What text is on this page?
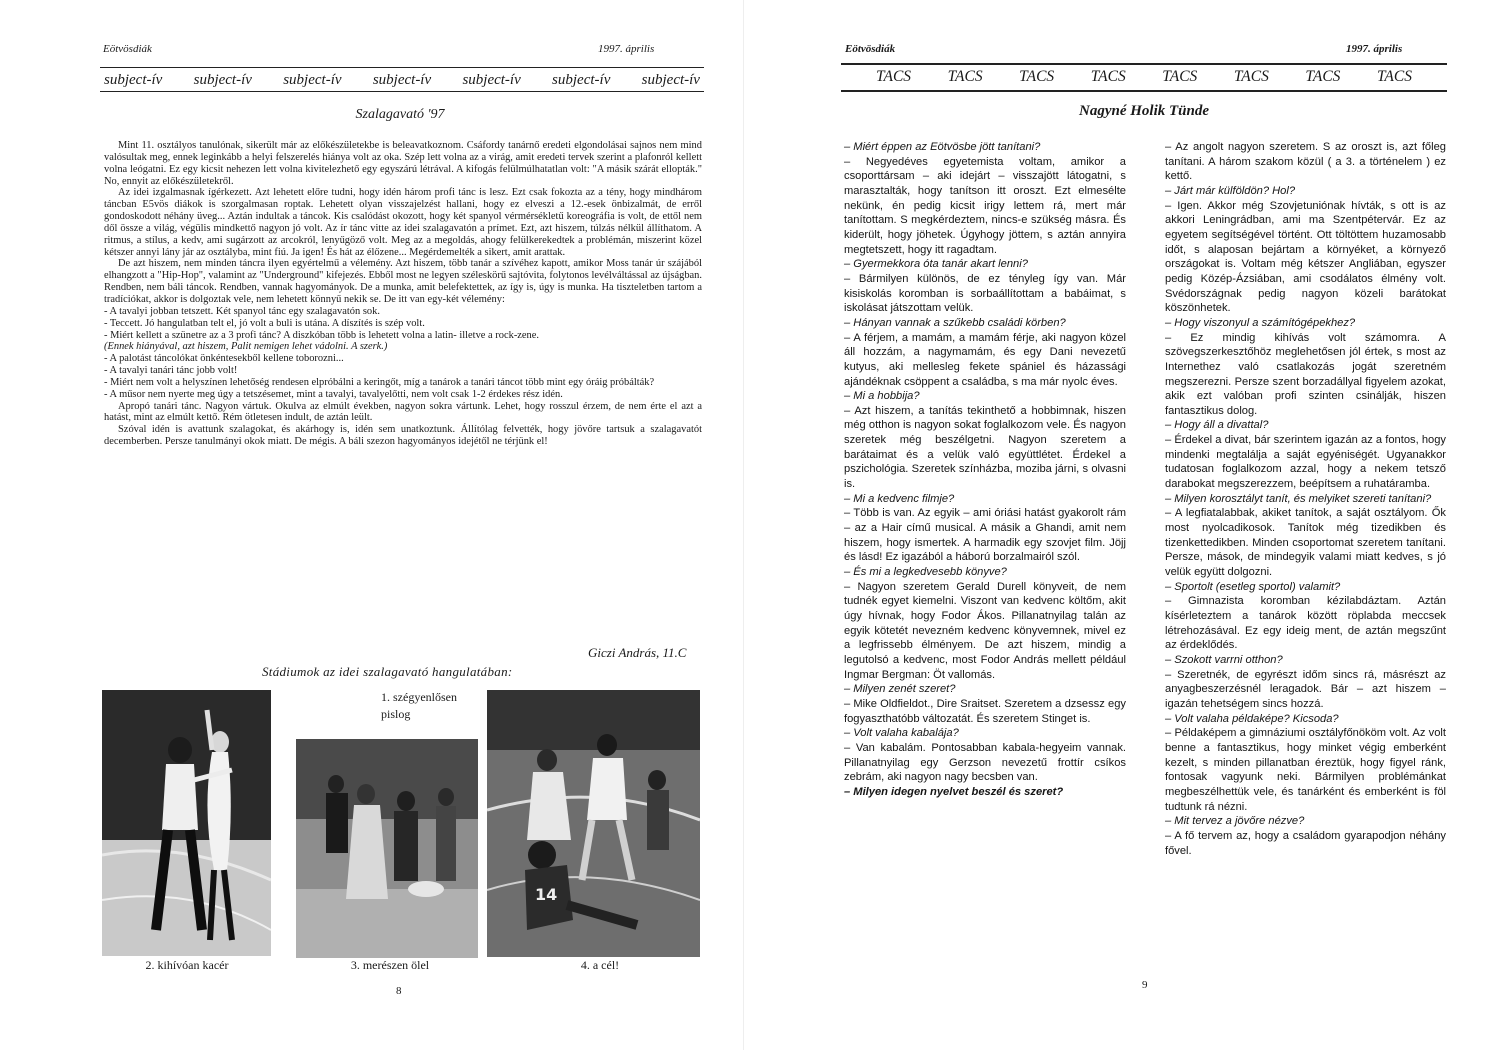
Eötvösdiák	1997. április
subject-ív subject-ív subject-ív subject-ív subject-ív subject-ív subject-ív
Szalagavató '97

Mint 11. osztályos tanulónak, sikerült már az előkészületekbe is beleavatkoznom. Csáfordy tanárnő eredeti elgondolásai sajnos nem mind valósultak meg, ennek leginkább a helyi felszerelés hiánya volt az oka. Szép lett volna az a virág, amit eredeti tervek szerint a plafonról kellett volna leógatni. Ez egy kicsit nehezen lett volna kivitelezhető egy egyszárú létrával. A kifogás felülmúlhatatlan volt: "A másik szárát ellopták." No, ennyit az előkészületekről.

Az idei izgalmasnak ígérkezett. Azt lehetett előre tudni, hogy idén három profi tánc is lesz. Ezt csak fokozta az a tény, hogy mindhárom táncban E5vös diákok is szorgalmasan roptak. Lehetett olyan visszajelzést hallani, hogy ez elveszi a 12.-esek önbizalmát, de erről gondoskodott néhány üveg... Aztán indultak a táncok. Kis csalódást okozott, hogy két spanyol vérmérsékletű koreográfia is volt, de ettől nem dől össze a világ, végülis mindkettő nagyon jó volt. Az ír tánc vitte az idei szalagavatón a prímet. Ezt, azt hiszem, túlzás nélkül állíthatom. A ritmus, a stílus, a kedv, ami sugárzott az arcokról, lenyűgöző volt. Meg az a megoldás, ahogy felülkerekedtek a problémán, miszerint közel kétszer annyi lány jár az osztályba, mint fiú. Ja igen! És hát az élőzene... Megérdemelték a sikert, amit arattak.

De azt hiszem, nem minden táncra ilyen egyértelmű a vélemény. Azt hiszem, több tanár a szívéhez kapott, amikor Moss tanár úr szájából elhangzott a "Hip-Hop", valamint az "Underground" kifejezés. Ebből most ne legyen széleskörű sajtóvita, folytonos levélváltással az újságban. Rendben, nem báli táncok. Rendben, vannak hagyományok. De a munka, amit belefektettek, az így is, úgy is munka. Ha tiszteletben tartom a tradíciókat, akkor is dolgoztak vele, nem lehetett könnyű nekik se. De itt van egy-két vélemény:

- A tavalyi jobban tetszett. Két spanyol tánc egy szalagavatón sok.

- Teccett. Jó hangulatban telt el, jó volt a buli is utána. A díszítés is szép volt.

- Miért kellett a szünetre az a 3 profi tánc? A diszkóban több is lehetett volna a latin- illetve a rock-zene.

(Ennek hiányával, azt hiszem, Palit nemigen lehet vádolni. A szerk.)

- A palotást táncolókat önkéntesekből kellene toborozni...

- A tavalyi tanári tánc jobb volt!

- Miért nem volt a helyszínen lehetőség rendesen elpróbálni a keringőt, míg a tanárok a tanári táncot több mint egy óráig próbálták?

- A műsor nem nyerte meg úgy a tetszésemet, mint a tavalyi, tavalyelőtti, nem volt csak 1-2 érdekes rész idén.

Apropó tanári tánc. Nagyon vártuk. Okulva az elmúlt években, nagyon sokra vártunk. Lehet, hogy rosszul érzem, de nem érte el azt a hatást, mint az elmúlt kettő. Rém ötletesen indult, de aztán leült.

Szóval idén is avattunk szalagokat, és akárhogy is, idén sem unatkoztunk. Állítólag felvették, hogy jövőre tartsuk a szalagavatót decemberben. Persze tanulmányi okok miatt. De mégis. A báli szezon hagyományos idejétől ne térjünk el!

Giczi András, 11.C
Stádiumok az idei szalagavató hangulatában:
2. kihívóan kacér
1. szégyenlősen pislog
3. merészen ölel
14
4. a cél!
8
Eötvösdiák	1997. április
TACS TACS TACS TACS TACS TACS TACS TACS
Nagyné Holik Tünde

– Miért éppen az Eötvösbe jött tanítani?

– Negyedéves egyetemista voltam, amikor a csoporttársam – aki idejárt – visszajött látogatni, s marasztalták, hogy tanítson itt oroszt. Ezt elmesélte nekünk, én pedig kicsit irigy lettem rá, mert már tanítottam. S megkérdeztem, nincs-e szükség másra. És kiderült, hogy jöhetek. Úgyhogy jöttem, s aztán annyira megtetszett, hogy itt ragadtam.

– Gyermekkora óta tanár akart lenni?

– Bármilyen különös, de ez tényleg így van. Már kisiskolás koromban is sorbaállítottam a babáimat, s iskolásat játszottam velük.

– Hányan vannak a szűkebb családi körben?

– A férjem, a mamám, a mamám férje, aki nagyon közel áll hozzám, a nagymamám, és egy Dani nevezetű kutyus, aki mellesleg fekete spániel és házassági ajándéknak csöppent a családba, s ma már nyolc éves.

– Mi a hobbija?

– Azt hiszem, a tanítás tekinthető a hobbimnak, hiszen még otthon is nagyon sokat foglalkozom vele. És nagyon szeretek még beszélgetni. Nagyon szeretem a barátaimat és a velük való együttlétet. Érdekel a pszichológia. Szeretek színházba, moziba járni, s olvasni is.

– Mi a kedvenc filmje?

– Több is van. Az egyik – ami óriási hatást gyakorolt rám – az a Hair című musical. A másik a Ghandi, amit nem hiszem, hogy ismertek. A harmadik egy szovjet film. Jöjj és lásd! Ez igazából a háború borzalmairól szól.

– És mi a legkedvesebb könyve?

– Nagyon szeretem Gerald Durell könyveit, de nem tudnék egyet kiemelni. Viszont van kedvenc költőm, akit úgy hívnak, hogy Fodor Ákos. Pillanatnyilag talán az egyik kötetét nevezném kedvenc könyvemnek, mivel ez a legfrissebb élményem. De azt hiszem, mindig a legutolsó a kedvenc, most Fodor András mellett például Ingmar Bergman: Öt vallomás.

– Milyen zenét szeret?

– Mike Oldfieldot., Dire Sraitset. Szeretem a dzsessz egy fogyaszthatóbb változatát. És szeretem Stinget is.

– Volt valaha kabalája?

– Van kabalám. Pontosabban kabala-hegyeim vannak. Pillanatnyilag egy Gerzson nevezetű frottír csíkos zebrám, aki nagyon nagy becsben van.

– Milyen idegen nyelvet beszél és szeret?

– Az angolt nagyon szeretem. S az oroszt is, azt főleg tanítani. A három szakom közül ( a 3. a történelem ) ez kettő.

– Járt már külföldön? Hol?

– Igen. Akkor még Szovjetuniónak hívták, s ott is az akkori Leningrádban, ami ma Szentpétervár. Ez az egyetem segítségével történt. Ott töltöttem huzamosabb időt, s alaposan bejártam a környéket, a környező országokat is. Voltam még kétszer Angliában, egyszer pedig Közép-Ázsiában, ami csodálatos élmény volt. Svédországnak pedig nagyon közeli barátokat köszönhetek.

– Hogy viszonyul a számítógépekhez?

– Ez mindig kihívás volt számomra. A szövegszerkesztőhöz meglehetősen jól értek, s most az Internethez való csatlakozás jogát szeretném megszerezni. Persze szent borzadállyal figyelem azokat, akik ezt valóban profi szinten csinálják, hiszen fantasztikus dolog.

– Hogy áll a divattal?

– Érdekel a divat, bár szerintem igazán az a fontos, hogy mindenki megtalálja a saját egyéniségét. Ugyanakkor tudatosan foglalkozom azzal, hogy a nekem tetsző darabokat megszerezzem, beépítsem a ruhatáramba.

– Milyen korosztályt tanít, és melyiket szereti tanítani?

– A legfiatalabbak, akiket tanítok, a saját osztályom. Ők most nyolcadikosok. Tanítok még tizedikben és tizenkettedikben. Minden csoportomat szeretem tanítani. Persze, mások, de mindegyik valami miatt kedves, s jó velük együtt dolgozni.

– Sportolt (esetleg sportol) valamit?

– Gimnazista koromban kézilabdáztam. Aztán kísérleteztem a tanárok között röplabda meccsek létrehozásával. Ez egy ideig ment, de aztán megszűnt az érdeklődés.

– Szokott varrni otthon?

– Szeretnék, de egyrészt időm sincs rá, másrészt az anyagbeszerzésnél leragadok. Bár – azt hiszem – igazán tehetségem sincs hozzá.

– Volt valaha példaképe? Kicsoda?

– Példaképem a gimnáziumi osztályfőnököm volt. Az volt benne a fantasztikus, hogy minket végig emberként kezelt, s minden pillanatban éreztük, hogy figyel ránk, fontosak vagyunk neki. Bármilyen problémánkat megbeszélhettük vele, és tanárként és emberként is föl tudtunk rá nézni.

– Mit tervez a jövőre nézve?

– A fő tervem az, hogy a családom gyarapodjon néhány fővel.

9
